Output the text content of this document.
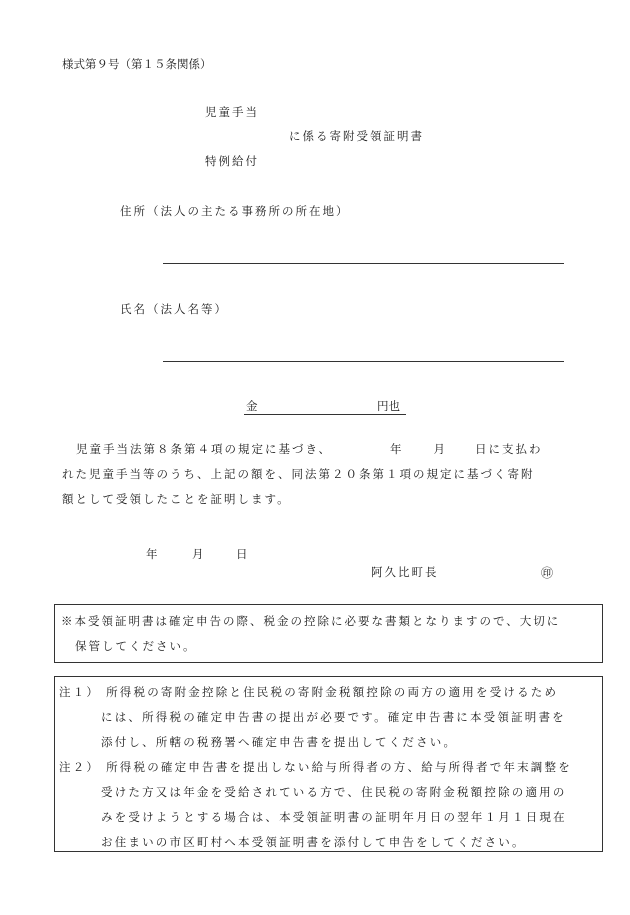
様式第９号（第１５条関係）
児童手当
に係る寄附受領証明書
特例給付
住所（法人の主たる事務所の所在地）
氏名（法人名等）
金	円也
児童手当法第８条第４項の規定に基づき、	年	月 日に支払わ
れた児童手当等のうち、上記の額を、同法第２０条第１項の規定に基づく寄附
額として受領したことを証明します。
年	月	日
阿久比町長	㊞
※本受領証明書は確定申告の際、税金の控除に必要な書類となりますので、大切に
保管してください。
注１） 所得税の寄附金控除と住民税の寄附金税額控除の両方の適用を受けるため
には、所得税の確定申告書の提出が必要です。確定申告書に本受領証明書を
添付し、所轄の税務署へ確定申告書を提出してください。
注２） 所得税の確定申告書を提出しない給与所得者の方、給与所得者で年末調整を
受けた方又は年金を受給されている方で、住民税の寄附金税額控除の適用の
みを受けようとする場合は、本受領証明書の証明年月日の翌年１月１日現在
お住まいの市区町村へ本受領証明書を添付して申告をしてください。
